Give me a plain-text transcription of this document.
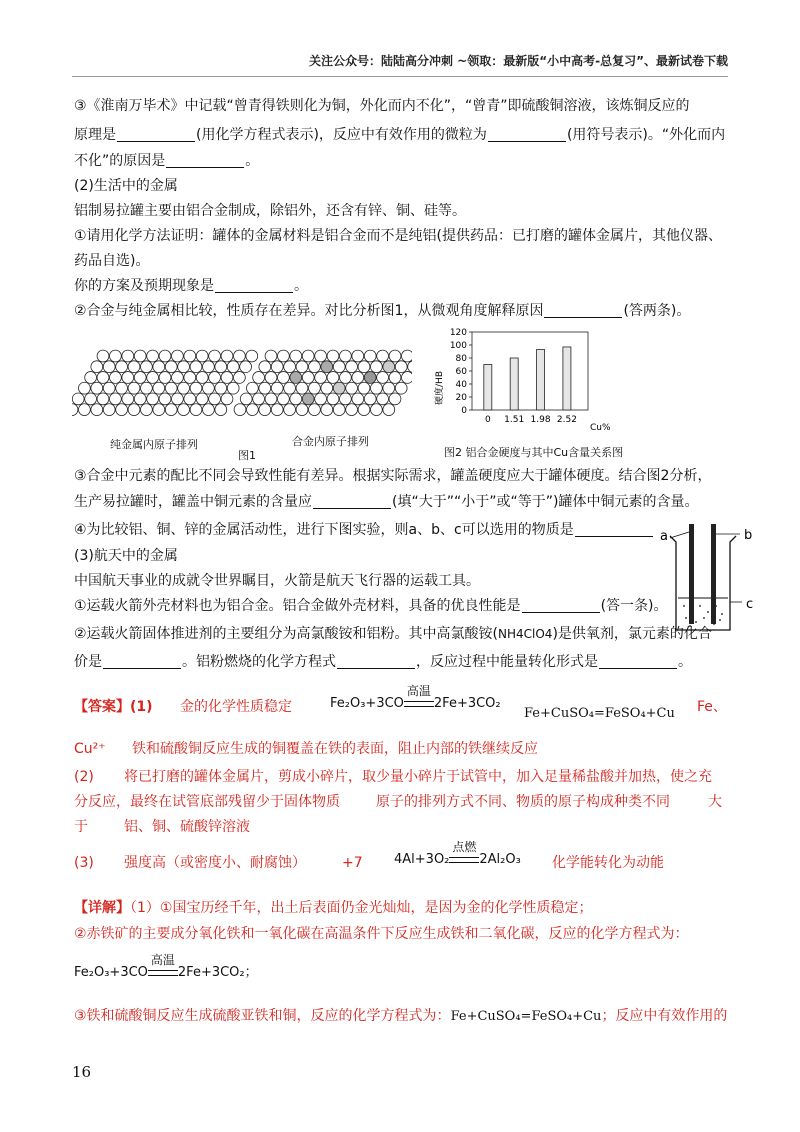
关注公众号：陆陆高分冲刺 ~领取：最新版“小中高考-总复习”、最新试卷下载
③《淮南万毕术》中记载“曾青得铁则化为铜，外化而内不化”，“曾青”即硫酸铜溶液，该炼铜反应的
原理是	(用化学方程式表示)，反应中有效作用的微粒为	(用符号表示)。“外化而内
不化”的原因是	。
(2)生活中的金属
铝制易拉罐主要由铝合金制成，除铝外，还含有锌、铜、硅等。
①请用化学方法证明：罐体的金属材料是铝合金而不是纯铝(提供药品：已打磨的罐体金属片，其他仪器、
药品自选)。
你的方案及预期现象是	。
②合金与纯金属相比较，性质存在差异。对比分析图1，从微观角度解释原因	(答两条)。
纯金属内原子排列	合金内原子排列
图1
0
20
40
60
80
100
120
0 1.51 1.98 2.52
硬度/HB
Cu%
图2 铝合金硬度与其中Cu含量关系图
③合金中元素的配比不同会导致性能有差异。根据实际需求，罐盖硬度应大于罐体硬度。结合图2分析，
生产易拉罐时，罐盖中铜元素的含量应	(填“大于”“小于”或“等于”)罐体中铜元素的含量。
④为比较铝、铜、锌的金属活动性，进行下图实验，则a、b、c可以选用的物质是	a	b
c
(3)航天中的金属
中国航天事业的成就令世界瞩目，火箭是航天飞行器的运载工具。
①运载火箭外壳材料也为铝合金。铝合金做外壳材料，具备的优良性能是	(答一条)。
②运载火箭固体推进剂的主要组分为高氯酸铵和铝粉。其中高氯酸铵(NH4ClO4)是供氧剂，氯元素的化合
价是	。铝粉燃烧的化学方程式	，反应过程中能量转化形式是	。
【答案】(1) 金的化学性质稳定	Fe₂O₃+3CO
高温
2Fe+3CO₂
Fe+CuSO₄=FeSO₄+Cu Fe、
Cu²⁺ 铁和硫酸铜反应生成的铜覆盖在铁的表面，阻止内部的铁继续反应
(2) 将已打磨的罐体金属片，剪成小碎片，取少量小碎片于试管中，加入足量稀盐酸并加热，使之充
分反应，最终在试管底部残留少于固体物质	原子的排列方式不同、物质的原子构成种类不同	大
于	铝、铜、硫酸锌溶液
(3) 强度高（或密度小、耐腐蚀）	+7 4Al+3O₂
点燃
2Al₂O₃ 化学能转化为动能
【详解】（1）①国宝历经千年，出土后表面仍金光灿灿，是因为金的化学性质稳定；
②赤铁矿的主要成分氧化铁和一氧化碳在高温条件下反应生成铁和二氧化碳，反应的化学方程式为：
Fe₂O₃+3CO
高温
2Fe+3CO₂；
③铁和硫酸铜反应生成硫酸亚铁和铜，反应的化学方程式为：Fe+CuSO₄=FeSO₄+Cu；反应中有效作用的
16
